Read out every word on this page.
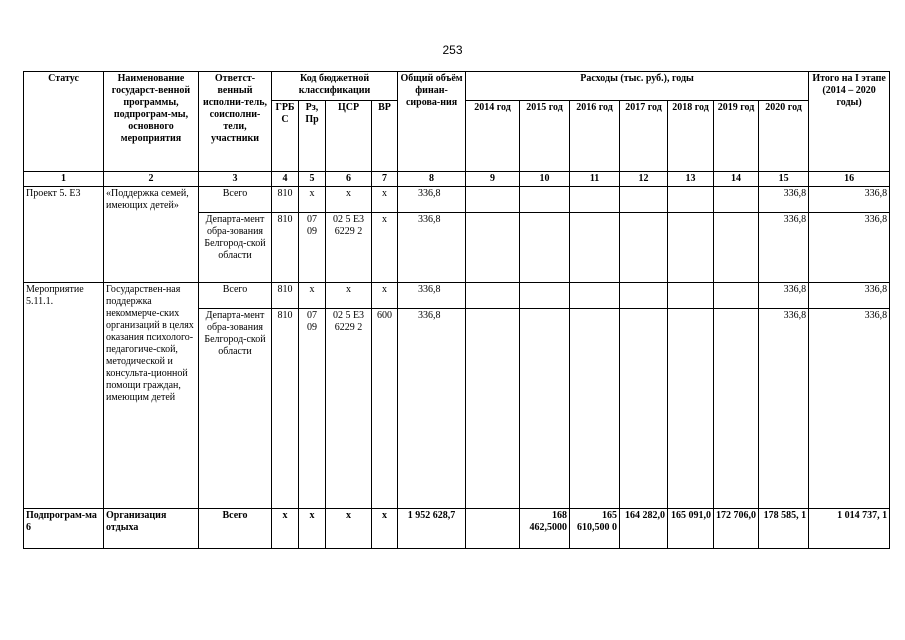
253
Статус	Наименование государст-венной программы, подпрограм-мы, основного мероприятия	Ответст-венный исполни-тель, соисполни-тели, участники	Код бюджетной классификации				Общий объём финан-сирова-ния	Расходы (тыс. руб.), годы							Итого на I этапе (2014 – 2020 годы)
			ГРБ С	Рз, Пр	ЦСР	ВР		2014 год	2015 год	2016 год	2017 год	2018 год	2019 год	2020 год	
1	2	3	4	5	6	7	8	9	10	11	12	13	14	15	16
Проект 5. Е3	«Поддержка семей, имеющих детей»	Всего	810	х	х	х	336,8							336,8	336,8
		Департа-мент обра-зования Белгород-ской области	810	07 09	02 5 Е3 6229 2	х	336,8							336,8	336,8
Мероприятие 5.11.1.	Государствен-ная поддержка некоммерче-ских организаций в целях оказания психолого-педагогиче-ской, методической и консульта-ционной помощи граждан, имеющим детей	Всего	810	х	х	х	336,8							336,8	336,8
		Департа-мент обра-зования Белгород-ской области	810	07 09	02 5 Е3 6229 2	600	336,8							336,8	336,8
Подпрограм-ма 6	Организация отдыха	Всего	х	х	х	х	1 952 628,7		168 462,5000	165 610,500 0	164 282,0	165 091,0	172 706,0	178 585, 1	1 014 737, 1
